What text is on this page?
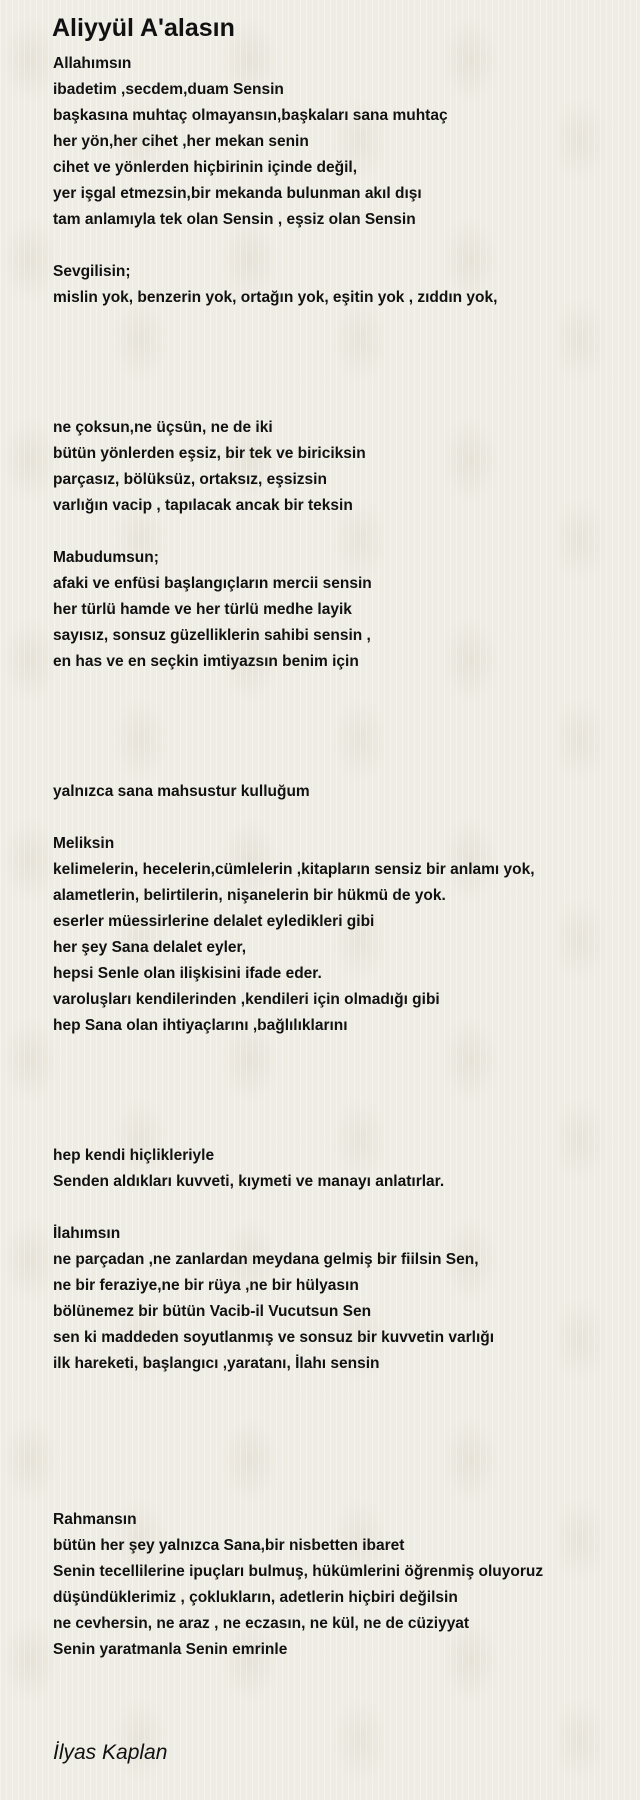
Aliyyül A'alasın
Allahımsın
ibadetim ,secdem,duam Sensin
başkasına muhtaç olmayansın,başkaları sana muhtaç
her yön,her cihet ,her mekan senin
cihet ve yönlerden hiçbirinin içinde değil,
yer işgal etmezsin,bir mekanda bulunman akıl dışı
tam anlamıyla tek olan Sensin , eşsiz olan Sensin
Sevgilisin;
mislin yok, benzerin yok, ortağın yok, eşitin yok , zıddın yok,
ne çoksun,ne üçsün, ne de iki
bütün yönlerden eşsiz, bir tek ve biriciksin
parçasız, bölüksüz, ortaksız, eşsizsin
varlığın vacip , tapılacak ancak bir teksin
Mabudumsun;
afaki ve enfüsi başlangıçların mercii sensin
her türlü hamde ve her türlü medhe layik
sayısız, sonsuz güzelliklerin sahibi sensin ,
en has ve en seçkin imtiyazsın benim için
yalnızca sana mahsustur kulluğum
Meliksin
kelimelerin, hecelerin,cümlelerin ,kitapların sensiz bir anlamı yok,
alametlerin, belirtilerin, nişanelerin bir hükmü de yok.
eserler müessirlerine delalet eyledikleri gibi
her şey Sana delalet eyler,
hepsi Senle olan ilişkisini ifade eder.
varoluşları kendilerinden ,kendileri için olmadığı gibi
hep Sana olan ihtiyaçlarını ,bağlılıklarını
hep kendi hiçlikleriyle
Senden aldıkları kuvveti, kıymeti ve manayı anlatırlar.
İlahımsın
ne parçadan ,ne zanlardan meydana gelmiş bir fiilsin Sen,
ne bir feraziye,ne bir rüya ,ne bir hülyasın
bölünemez bir bütün Vacib-il Vucutsun Sen
sen ki maddeden soyutlanmış ve sonsuz bir kuvvetin varlığı
ilk hareketi, başlangıcı ,yaratanı, İlahı sensin
Rahmansın
bütün her şey yalnızca Sana,bir nisbetten ibaret
Senin tecellilerine ipuçları bulmuş, hükümlerini öğrenmiş oluyoruz
düşündüklerimiz , çoklukların, adetlerin hiçbiri değilsin
ne cevhersin, ne araz , ne eczasın, ne kül, ne de cüziyyat
Senin yaratmanla Senin emrinle
İlyas Kaplan
